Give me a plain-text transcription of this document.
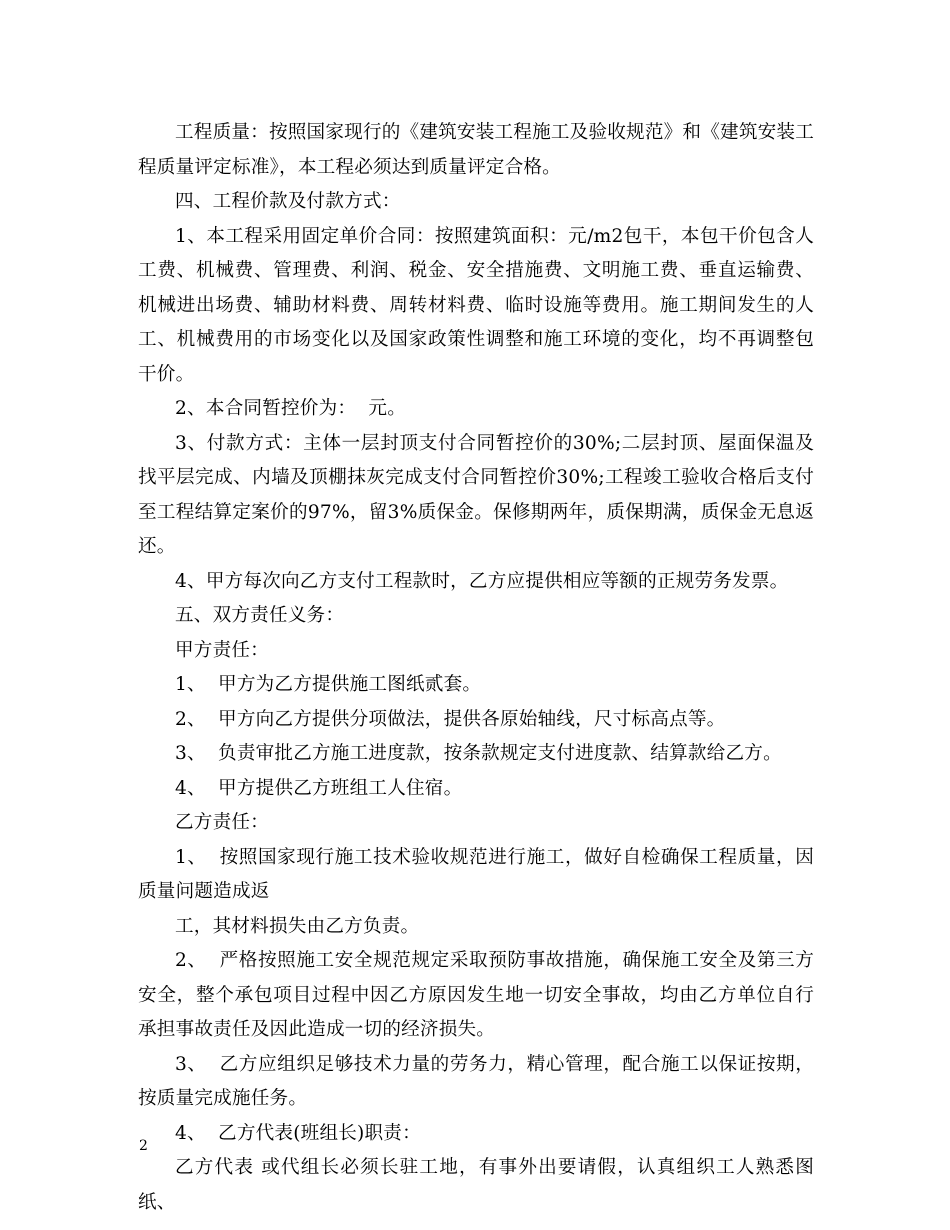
工程质量：按照国家现行的《建筑安装工程施工及验收规范》和《建筑安装工程质量评定标准》，本工程必须达到质量评定合格。

四、工程价款及付款方式：

1、本工程采用固定单价合同：按照建筑面积：元/m2包干，本包干价包含人工费、机械费、管理费、利润、税金、安全措施费、文明施工费、垂直运输费、机械进出场费、辅助材料费、周转材料费、临时设施等费用。施工期间发生的人工、机械费用的市场变化以及国家政策性调整和施工环境的变化，均不再调整包干价。

2、本合同暂控价为：  元。

3、付款方式：主体一层封顶支付合同暂控价的30%;二层封顶、屋面保温及找平层完成、内墙及顶棚抹灰完成支付合同暂控价30%;工程竣工验收合格后支付至工程结算定案价的97%，留3%质保金。保修期两年，质保期满，质保金无息返还。

4、甲方每次向乙方支付工程款时，乙方应提供相应等额的正规劳务发票。

五、双方责任义务：

甲方责任：

1、  甲方为乙方提供施工图纸贰套。

2、  甲方向乙方提供分项做法，提供各原始轴线，尺寸标高点等。

3、  负责审批乙方施工进度款，按条款规定支付进度款、结算款给乙方。

4、  甲方提供乙方班组工人住宿。

乙方责任：

1、  按照国家现行施工技术验收规范进行施工，做好自检确保工程质量，因质量问题造成返

工，其材料损失由乙方负责。

2、  严格按照施工安全规范规定采取预防事故措施，确保施工安全及第三方安全，整个承包项目过程中因乙方原因发生地一切安全事故，均由乙方单位自行承担事故责任及因此造成一切的经济损失。

3、  乙方应组织足够技术力量的劳务力，精心管理，配合施工以保证按期，按质量完成施任务。

4、  乙方代表(班组长)职责：

乙方代表 或代组长必须长驻工地，有事外出要请假，认真组织工人熟悉图纸、

2
